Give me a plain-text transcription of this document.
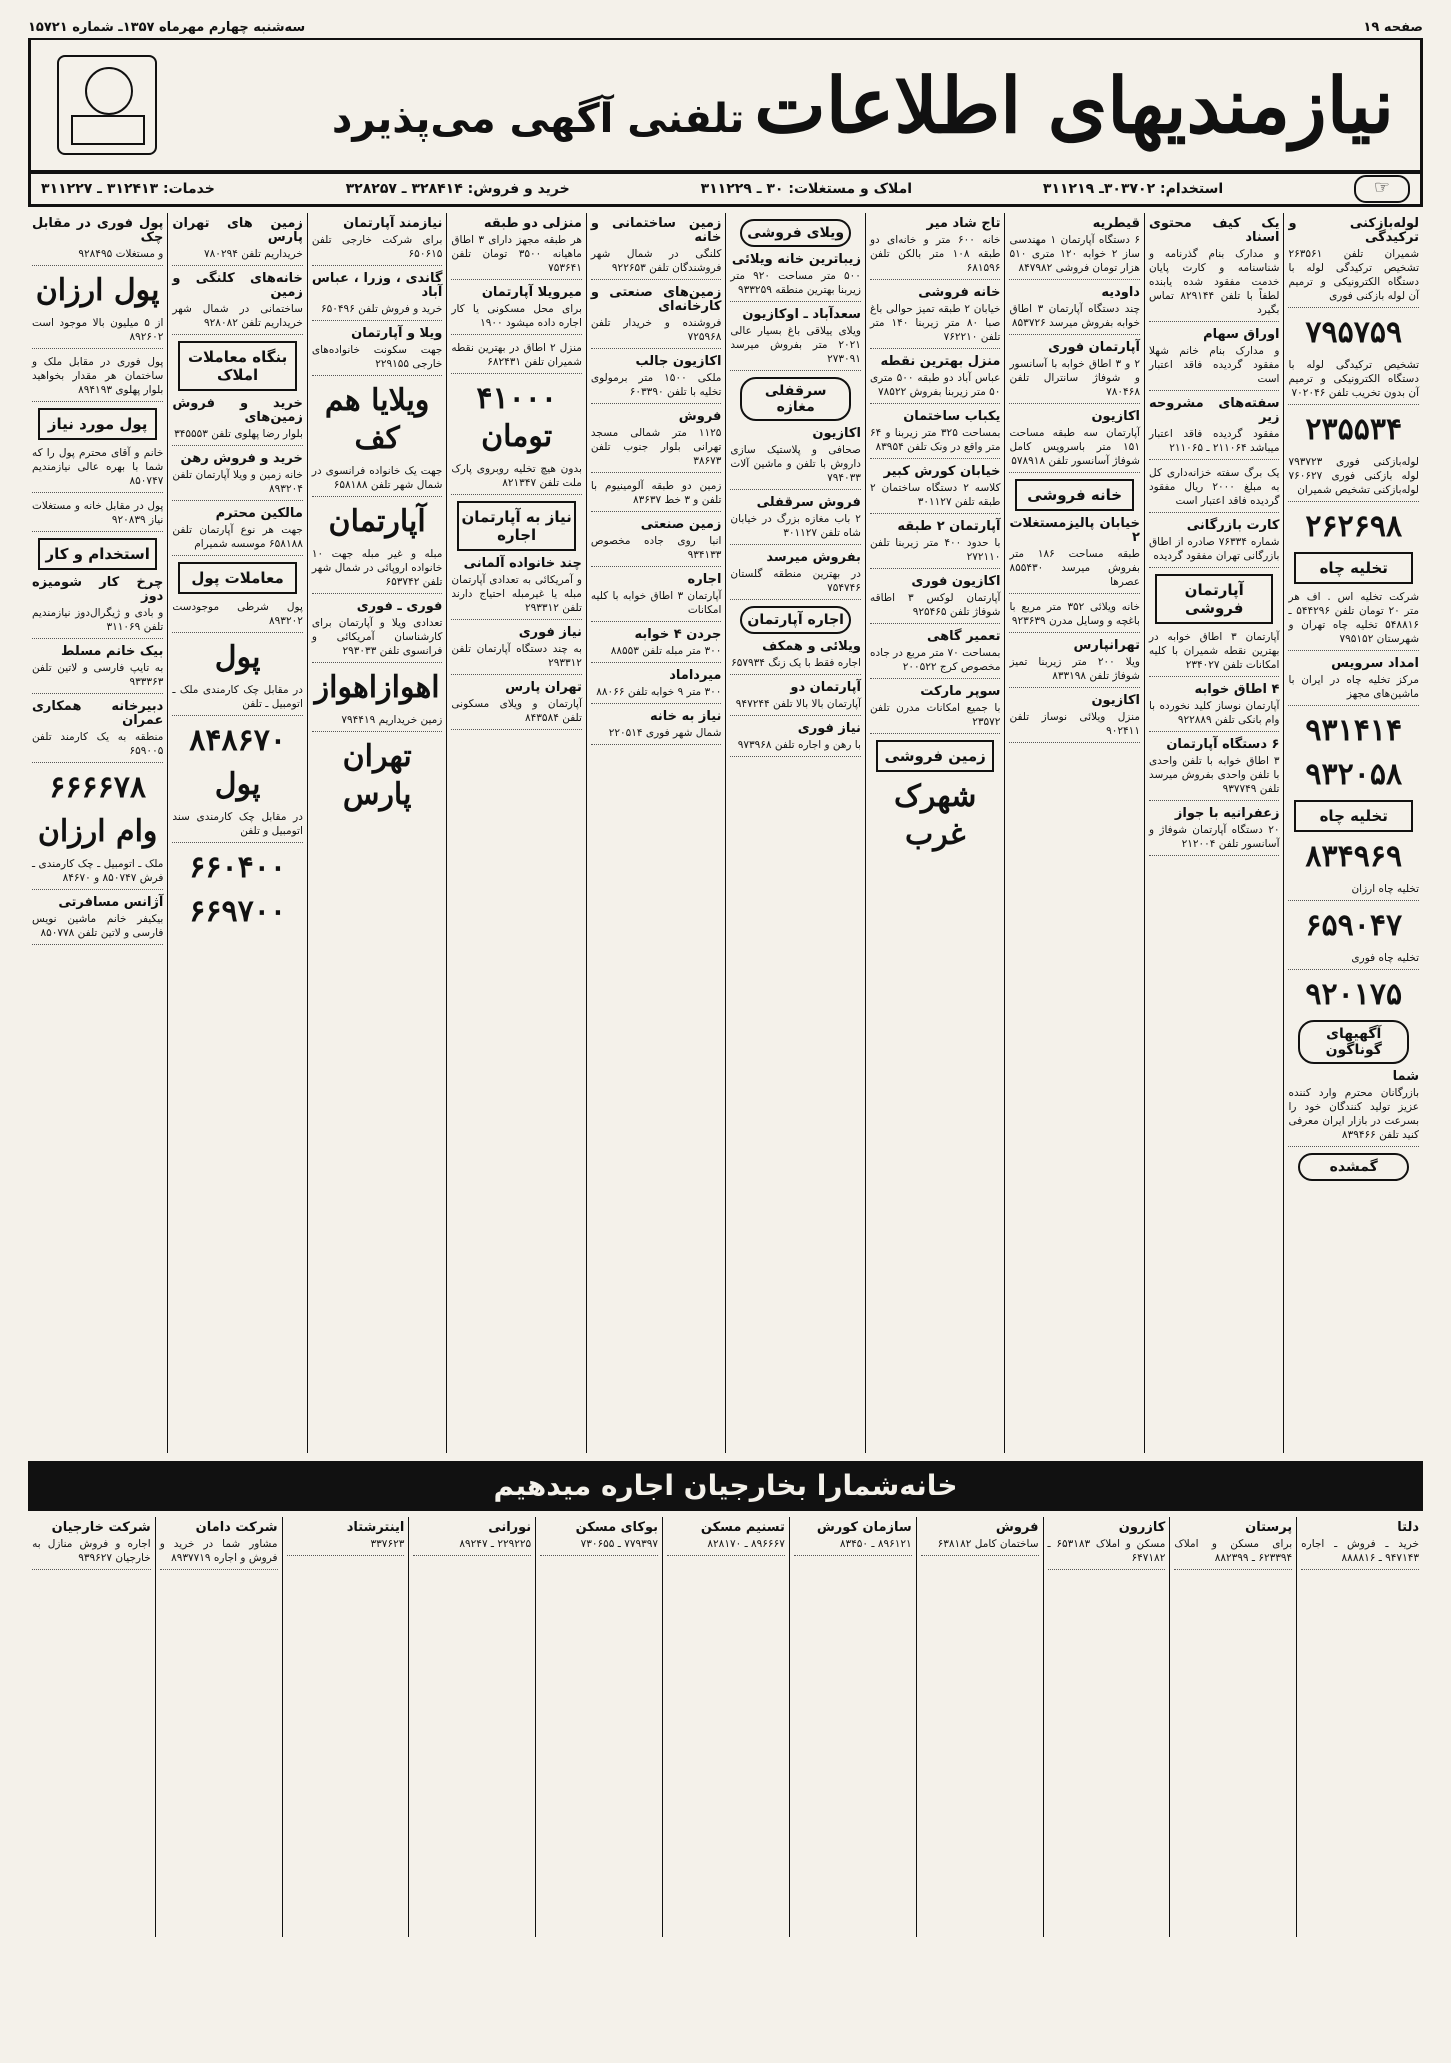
صفحه ۱۹
سه‌شنبه چهارم مهرماه ۱۳۵۷ـ شماره ۱۵۷۲۱
نیازمندیهای اطلاعات
تلفنی آگهی می‌پذیرد
☞
استخدام: ۳۰۳۷۰۲ـ ۳۱۱۲۱۹
املاک و مستغلات: ۳۰ ـ ۳۱۱۲۲۹
خرید و فروش: ۳۲۸۴۱۴ ـ ۳۲۸۲۵۷
خدمات: ۳۱۲۴۱۳ ـ ۳۱۱۲۲۷
لوله‌بازکنی و ترکیدگی
شمیران تلفن ۲۶۳۵۶۱ تشخیص ترکیدگی لوله با دستگاه الکترونیکی و ترمیم آن لوله بازکنی فوری
۷۹۵۷۵۹
تشخیص ترکیدگی لوله با دستگاه الکترونیکی و ترمیم آن بدون تخریب تلفن ۷۰۲۰۴۶
۲۳۵۵۳۴
لوله‌بازکنی فوری ۷۹۳۷۲۳ لوله بازکنی فوری ۷۶۰۶۲۷ لوله‌بازکنی تشخیص شمیران
۲۶۲۶۹۸
تخلیه چاه
شرکت تخلیه اس . اف هر متر ۲۰ تومان تلفن ۵۴۴۲۹۶ ـ ۵۴۸۸۱۶ تخلیه چاه تهران و شهرستان ۷۹۵۱۵۲
امداد سرویس
مرکز تخلیه چاه در ایران با ماشین‌های مجهز
۹۳۱۴۱۴
۹۳۲۰۵۸
تخلیه چاه
۸۳۴۹۶۹
تخلیه چاه ارزان
۶۵۹۰۴۷
تخلیه چاه فوری
۹۲۰۱۷۵
آگهیهای گوناگون
شما
بازرگانان محترم وارد کننده عزیز تولید کنندگان خود را بسرعت در بازار ایران معرفی کنید تلفن ۸۳۹۴۶۶
گمشده
یک کیف محتوی اسناد
و مدارک بنام گذرنامه و شناسنامه و کارت پایان خدمت مفقود شده یابنده لطفاً با تلفن ۸۲۹۱۴۴ تماس بگیرد
اوراق سهام
و مدارک بنام خانم شهلا مفقود گردیده فاقد اعتبار است
سفته‌های مشروحه زیر
مفقود گردیده فاقد اعتبار میباشد ۲۱۱۰۶۴ ـ ۲۱۱۰۶۵
یک برگ سفته خزانه‌داری کل به مبلغ ۲۰۰۰ ریال مفقود گردیده فاقد اعتبار است
کارت بازرگانی
شماره ۷۶۳۳۴ صادره از اطاق بازرگانی تهران مفقود گردیده
آپارتمان فروشی
آپارتمان ۳ اطاق خوابه در بهترین نقطه شمیران با کلیه امکانات تلفن ۲۳۴۰۲۷
۴ اطاق خوابه
آپارتمان نوساز کلید نخورده با وام بانکی تلفن ۹۲۲۸۸۹
۶ دستگاه آپارتمان
۳ اطاق خوابه با تلفن واحدی با تلفن واحدی بفروش میرسد تلفن ۹۳۷۷۴۹
زعفرانیه با جواز
۲۰ دستگاه آپارتمان شوفاژ و آسانسور تلفن ۲۱۲۰۰۴
قیطریه
۶ دستگاه آپارتمان ۱ مهندسی ساز ۲ خوابه ۱۲۰ متری ۵۱۰ هزار تومان فروشی ۸۴۷۹۸۲
داودیه
چند دستگاه آپارتمان ۳ اطاق خوابه بفروش میرسد ۸۵۳۷۲۶
آپارتمان فوری
۲ و ۳ اطاق خوابه با آسانسور و شوفاژ سانترال تلفن ۷۸۰۴۶۸
اکازیون
آپارتمان سه طبقه مساحت ۱۵۱ متر باسرویس کامل شوفاژ آسانسور تلفن ۵۷۸۹۱۸
خانه فروشی
خیابان پالیزمستغلات ۲
طبقه مساحت ۱۸۶ متر بفروش میرسد ۸۵۵۴۳۰ عصرها
خانه ویلائی ۳۵۲ متر مربع با باغچه و وسایل مدرن ۹۲۳۶۳۹
تهرانپارس
ویلا ۲۰۰ متر زیربنا تمیز شوفاژ تلفن ۸۳۳۱۹۸
اکازیون
منزل ویلائی نوساز تلفن ۹۰۲۴۱۱
تاج شاد میر
خانه ۶۰۰ متر و خانه‌ای دو طبقه ۱۰۸ متر بالکن تلفن ۶۸۱۵۹۶
خانه فروشی
خیابان ۲ طبقه تمیز حوالی باغ صبا ۸۰ متر زیربنا ۱۴۰ متر تلفن ۷۶۲۲۱۰
منزل بهترین نقطه
عباس آباد دو طبقه ۵۰۰ متری ۵۰ متر زیربنا بفروش ۷۸۵۲۲
یکباب ساختمان
بمساحت ۳۲۵ متر زیربنا و ۶۴ متر واقع در ونک تلفن ۸۳۹۵۴
خیابان کورش کبیر
کلاسه ۲ دستگاه ساختمان ۲ طبقه تلفن ۳۰۱۱۲۷
آپارتمان ۲ طبقه
با حدود ۴۰۰ متر زیربنا تلفن ۲۷۲۱۱۰
اکازیون فوری
آپارتمان لوکس ۳ اطاقه شوفاژ تلفن ۹۲۵۴۶۵
تعمیر گاهی
بمساحت ۷۰ متر مربع در جاده مخصوص کرج ۲۰۰۵۲۲
سوپر مارکت
با جمیع امکانات مدرن تلفن ۲۳۵۷۲
زمین فروشی
شهرک غرب
ویلای فروشی
زیباترین خانه ویلائی
۵۰۰ متر مساحت ۹۲۰ متر زیربنا بهترین منطقه ۹۳۳۲۵۹
سعدآباد ـ اوکازیون
ویلای ییلاقی باغ بسیار عالی ۲۰۲۱ متر بفروش میرسد ۲۷۳۰۹۱
سرقفلی مغازه
اکازیون
صحافی و پلاستیک سازی داروش با تلفن و ماشین آلات ۷۹۴۰۳۳
فروش سرقفلی
۲ باب مغازه بزرگ در خیابان شاه تلفن ۳۰۱۱۲۷
بفروش میرسد
در بهترین منطقه گلستان ۷۵۴۷۴۶
اجاره آپارتمان
ویلائی و همکف
اجاره فقط با یک زنگ ۶۵۷۹۳۴
آپارتمان دو
آپارتمان بالا بالا تلفن ۹۴۷۲۴۴
نیاز فوری
با رهن و اجاره تلفن ۹۷۳۹۶۸
زمین ساختمانی و خانه
کلنگی در شمال شهر فروشندگان تلفن ۹۲۲۶۵۳
زمین‌های صنعتی و کارخانه‌ای
فروشنده و خریدار تلفن ۷۲۵۹۶۸
اکازیون جالب
ملکی ۱۵۰۰ متر برمولوی تخلیه با تلفن ۶۰۳۳۹۰
فروش
۱۱۲۵ متر شمالی مسجد تهرانی بلوار جنوب تلفن ۳۸۶۷۳
زمین دو طبقه آلومینیوم با تلفن و ۳ خط ۸۳۶۳۷
زمین صنعتی
انبا روی جاده مخصوص ۹۳۴۱۳۳
اجاره
آپارتمان ۳ اطاق خوابه با کلیه امکانات
جردن ۴ خوابه
۳۰۰ متر مبله تلفن ۸۸۵۵۳
میرداماد
۳۰۰ متر ۹ خوابه تلفن ۸۸۰۶۶
نیاز به خانه
شمال شهر فوری ۲۲۰۵۱۴
منزلی دو طبقه
هر طبقه مجهز دارای ۳ اطاق ماهیانه ۳۵۰۰ تومان تلفن ۷۵۳۶۴۱
میرویلا آپارتمان
برای محل مسکونی یا کار اجاره داده میشود ۱۹۰۰
منزل ۲ اطاق در بهترین نقطه شمیران تلفن ۶۸۲۴۳۱
۴۱۰۰۰ تومان
بدون هیچ تخلیه روبروی پارک ملت تلفن ۸۲۱۳۴۷
نیاز به آپارتمان اجاره
چند خانواده آلمانی
و آمریکائی به تعدادی آپارتمان مبله یا غیرمبله احتیاج دارند تلفن ۲۹۳۳۱۲
نیاز فوری
به چند دستگاه آپارتمان تلفن ۲۹۳۳۱۲
تهران پارس
آپارتمان و ویلای مسکونی تلفن ۸۴۳۵۸۴
نیازمند آپارتمان
برای شرکت خارجی تلفن ۶۵۰۶۱۵
گاندی ، وزرا ، عباس آباد
خرید و فروش تلفن ۶۵۰۴۹۶
ویلا و آپارتمان
جهت سکونت خانواده‌های خارجی ۲۲۹۱۵۵
ویلایا هم کف
جهت یک خانواده فرانسوی در شمال شهر تلفن ۶۵۸۱۸۸
آپارتمان
مبله و غیر مبله جهت ۱۰ خانواده اروپائی در شمال شهر تلفن ۶۵۳۷۴۲
فوری ـ فوری
تعدادی ویلا و آپارتمان برای کارشناسان آمریکائی و فرانسوی تلفن ۲۹۳۰۳۳
اهوازاهواز
زمین خریداریم ۷۹۴۴۱۹
تهران پارس
زمین های تهران پارس
خریداریم تلفن ۷۸۰۲۹۴
خانه‌های کلنگی و زمین
ساختمانی در شمال شهر خریداریم تلفن ۹۲۸۰۸۲
بنگاه معاملات املاک
خرید و فروش زمین‌های
بلوار رضا پهلوی تلفن ۳۴۵۵۵۳
خرید و فروش رهن
خانه زمین و ویلا آپارتمان تلفن ۸۹۳۲۰۴
مالکین محترم
جهت هر نوع آپارتمان تلفن ۶۵۸۱۸۸ موسسه شمیرام
معاملات پول
پول شرطی موجودست ۸۹۳۲۰۲
پول
در مقابل چک کارمندی ملک ـ اتومبیل ـ تلفن
۸۴۸۶۷۰
پول
در مقابل چک کارمندی سند اتومبیل و تلفن
۶۶۰۴۰۰
۶۶۹۷۰۰
پول فوری در مقابل چک
و مستغلات ۹۲۸۴۹۵
پول ارزان
از ۵ میلیون بالا موجود است ۸۹۲۶۰۲
پول فوری در مقابل ملک و ساختمان هر مقدار بخواهید بلوار پهلوی ۸۹۴۱۹۳
پول مورد نیاز
خانم و آقای محترم پول را که شما با بهره عالی نیازمندیم ۸۵۰۷۴۷
پول در مقابل خانه و مستغلات نیاز ۹۲۰۸۳۹
استخدام و کار
چرخ کار شومیزه دوز
و بادی و ژیگرال‌دوز نیازمندیم تلفن ۳۱۱۰۶۹
بیک خانم مسلط
به تایپ فارسی و لاتین تلفن ۹۳۳۳۶۳
دبیرخانه همکاری عمران
منطقه به یک کارمند تلفن ۶۵۹۰۰۵
۶۶۶۶۷۸
وام ارزان
ملک ـ اتومبیل ـ چک کارمندی ـ فرش ۸۵۰۷۴۷ و ۸۴۶۷۰
آژانس مسافرتی
بیکیفر خانم ماشین نویس فارسی و لاتین تلفن ۸۵۰۷۷۸
خانه‌شمارا بخارجیان اجاره میدهیم
دلتا
خرید ـ فروش ـ اجاره ۹۴۷۱۴۳ ـ ۸۸۸۸۱۶
پرستان
برای مسکن و املاک ۶۲۳۳۹۴ ـ ۸۸۲۳۹۹
کازرون
مسکن و املاک ۶۵۳۱۸۳ ـ ۶۴۷۱۸۲
فروش
ساختمان کامل ۶۳۸۱۸۲
سازمان کورش
۸۹۶۱۲۱ ـ ۸۳۴۵۰
تسنیم مسکن
۸۹۶۶۶۷ ـ ۸۲۸۱۷۰
بوکای مسکن
۷۷۹۳۹۷ ـ ۷۳۰۶۵۵
نورانی
۲۲۹۲۲۵ ـ ۸۹۲۴۷
اینترشتاد
۳۳۷۶۲۳
شرکت دامان
مشاور شما در خرید و فروش و اجاره ۸۹۳۷۷۱۹
شرکت خارجیان
اجاره و فروش منازل به خارجیان ۹۳۹۶۲۷
